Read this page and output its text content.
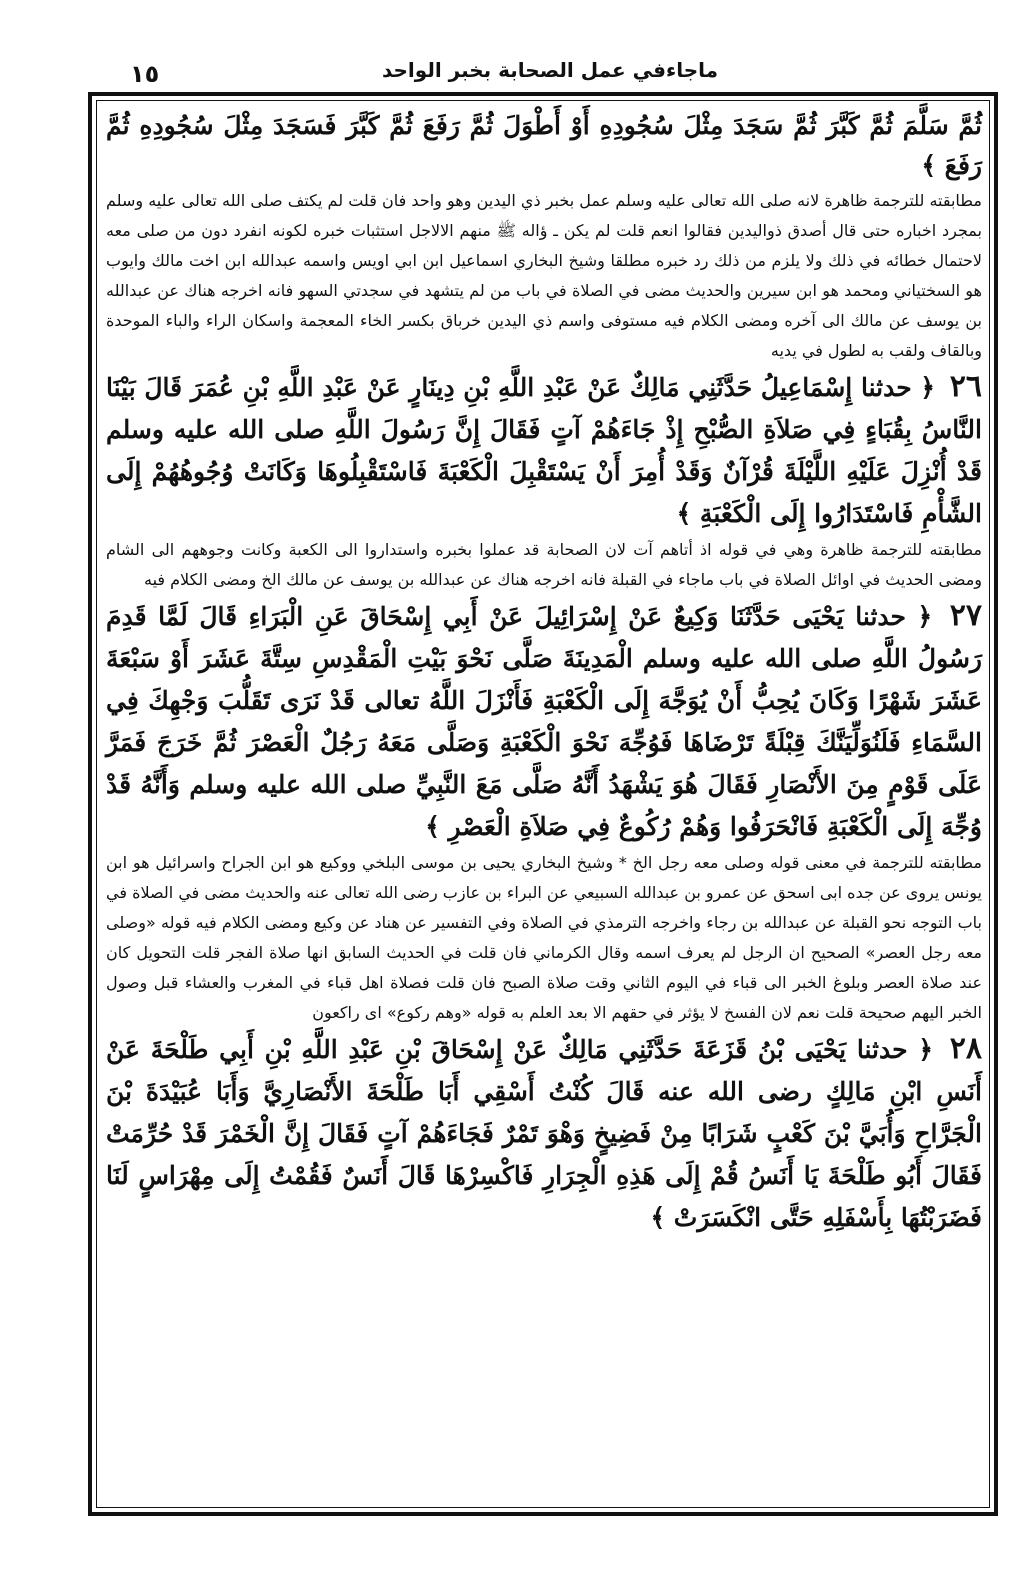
ماجاءفي عمل الصحابة بخبر الواحد
١٥

ثُمَّ سَلَّمَ ثُمَّ كَبَّرَ ثُمَّ سَجَدَ مِثْلَ سُجُودِهِ أَوْ أَطْوَلَ ثُمَّ رَفَعَ ثُمَّ كَبَّرَ فَسَجَدَ مِثْلَ سُجُودِهِ ثُمَّ رَفَعَ ﴾

مطابقته للترجمة ظاهرة لانه صلى الله تعالى عليه وسلم عمل بخبر ذي اليدين وهو واحد فان قلت لم يكتف صلى الله تعالى عليه وسلم بمجرد اخباره حتى قال أصدق ذواليدين فقالوا انعم قلت لم يكن ـ ؤاله ﷺ منهم الالاجل استثبات خبره لكونه انفرد دون من صلى معه لاحتمال خطائه في ذلك ولا يلزم من ذلك رد خبره مطلقا وشيخ البخاري اسماعيل ابن ابي اويس واسمه عبدالله ابن اخت مالك وايوب هو السختياني ومحمد هو ابن سيرين والحديث مضى في الصلاة في باب من لم يتشهد في سجدتي السهو فانه اخرجه هناك عن عبدالله بن يوسف عن مالك الى آخره ومضى الكلام فيه مستوفى واسم ذي اليدين خرباق بكسر الخاء المعجمة واسكان الراء والباء الموحدة وبالقاف ولقب به لطول في يديه

٢٦ ﴿ حدثنا إِسْمَاعِيلُ حَدَّثَنِي مَالِكٌ عَنْ عَبْدِ اللَّهِ بْنِ دِينَارٍ عَنْ عَبْدِ اللَّهِ بْنِ عُمَرَ قَالَ بَيْنَا النَّاسُ بِقُبَاءٍ فِي صَلاَةِ الصُّبْحِ إِذْ جَاءَهُمْ آتٍ فَقَالَ إِنَّ رَسُولَ اللَّهِ صلى الله عليه وسلم قَدْ أُنْزِلَ عَلَيْهِ اللَّيْلَةَ قُرْآنٌ وَقَدْ أُمِرَ أَنْ يَسْتَقْبِلَ الْكَعْبَةَ فَاسْتَقْبِلُوهَا وَكَانَتْ وُجُوهُهُمْ إِلَى الشَّأْمِ فَاسْتَدَارُوا إِلَى الْكَعْبَةِ ﴾

مطابقته للترجمة ظاهرة وهي في قوله اذ أتاهم آت لان الصحابة قد عملوا بخبره واستداروا الى الكعبة وكانت وجوههم الى الشام ومضى الحديث في اوائل الصلاة في باب ماجاء في القبلة فانه اخرجه هناك عن عبدالله بن يوسف عن مالك الخ ومضى الكلام فيه

٢٧ ﴿ حدثنا يَحْيَى حَدَّثَنَا وَكِيعٌ عَنْ إِسْرَائِيلَ عَنْ أَبِي إِسْحَاقَ عَنِ الْبَرَاءِ قَالَ لَمَّا قَدِمَ رَسُولُ اللَّهِ صلى الله عليه وسلم الْمَدِينَةَ صَلَّى نَحْوَ بَيْتِ الْمَقْدِسِ سِتَّةَ عَشَرَ أَوْ سَبْعَةَ عَشَرَ شَهْرًا وَكَانَ يُحِبُّ أَنْ يُوَجَّهَ إِلَى الْكَعْبَةِ فَأَنْزَلَ اللَّهُ تعالى قَدْ نَرَى تَقَلُّبَ وَجْهِكَ فِي السَّمَاءِ فَلَنُوَلِّيَنَّكَ قِبْلَةً تَرْضَاهَا فَوُجِّهَ نَحْوَ الْكَعْبَةِ وَصَلَّى مَعَهُ رَجُلٌ الْعَصْرَ ثُمَّ خَرَجَ فَمَرَّ عَلَى قَوْمٍ مِنَ الأَنْصَارِ فَقَالَ هُوَ يَشْهَدُ أَنَّهُ صَلَّى مَعَ النَّبِيِّ صلى الله عليه وسلم وَأَنَّهُ قَدْ وُجِّهَ إِلَى الْكَعْبَةِ فَانْحَرَفُوا وَهُمْ رُكُوعٌ فِي صَلاَةِ الْعَصْرِ ﴾

مطابقته للترجمة في معنى قوله وصلى معه رجل الخ * وشيخ البخاري يحيى بن موسى البلخي ووكيع هو ابن الجراح واسرائيل هو ابن يونس يروى عن جده ابى اسحق عن عمرو بن عبدالله السبيعي عن البراء بن عازب رضى الله تعالى عنه والحديث مضى في الصلاة في باب التوجه نحو القبلة عن عبدالله بن رجاء واخرجه الترمذي في الصلاة وفي التفسير عن هناد عن وكيع ومضى الكلام فيه قوله «وصلى معه رجل العصر» الصحيح ان الرجل لم يعرف اسمه وقال الكرماني فان قلت في الحديث السابق انها صلاة الفجر قلت التحويل كان عند صلاة العصر وبلوغ الخبر الى قباء في اليوم الثاني وقت صلاة الصبح فان قلت فصلاة اهل قباء في المغرب والعشاء قبل وصول الخبر اليهم صحيحة قلت نعم لان الفسخ لا يؤثر في حقهم الا بعد العلم به قوله «وهم ركوع» اى راكعون

٢٨ ﴿ حدثنا يَحْيَى بْنُ قَزَعَةَ حَدَّثَنِي مَالِكٌ عَنْ إِسْحَاقَ بْنِ عَبْدِ اللَّهِ بْنِ أَبِي طَلْحَةَ عَنْ أَنَسِ ابْنِ مَالِكٍ رضى الله عنه قَالَ كُنْتُ أَسْقِي أَبَا طَلْحَةَ الأَنْصَارِيَّ وَأَبَا عُبَيْدَةَ بْنَ الْجَرَّاحِ وَأُبَيَّ بْنَ كَعْبٍ شَرَابًا مِنْ فَضِيخٍ وَهْوَ تَمْرٌ فَجَاءَهُمْ آتٍ فَقَالَ إِنَّ الْخَمْرَ قَدْ حُرِّمَتْ فَقَالَ أَبُو طَلْحَةَ يَا أَنَسُ قُمْ إِلَى هَذِهِ الْجِرَارِ فَاكْسِرْهَا قَالَ أَنَسٌ فَقُمْتُ إِلَى مِهْرَاسٍ لَنَا فَضَرَبْتُهَا بِأَسْفَلِهِ حَتَّى انْكَسَرَتْ ﴾
